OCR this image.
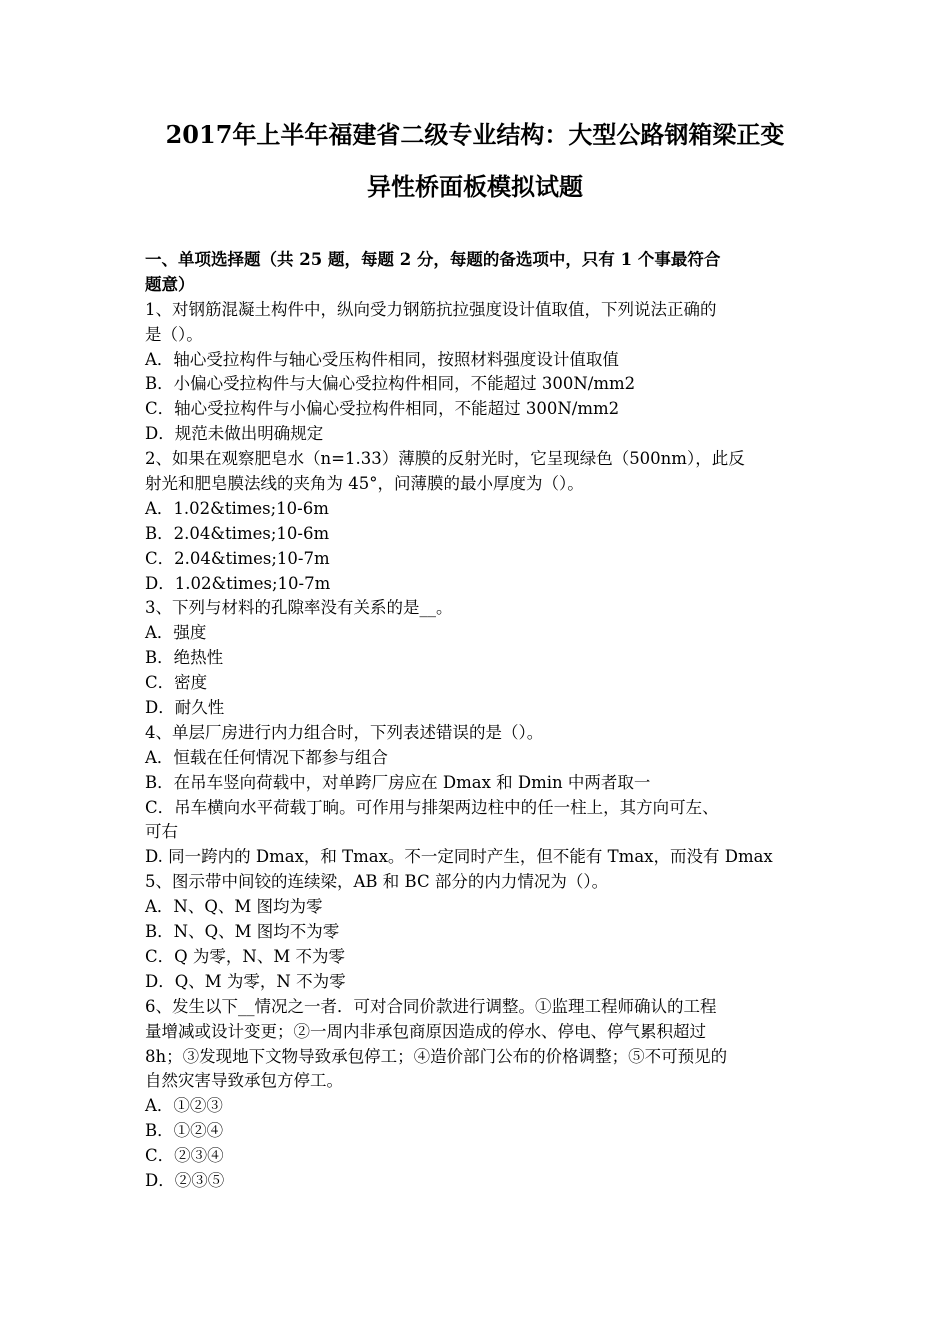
2017年上半年福建省二级专业结构：大型公路钢箱梁正变
异性桥面板模拟试题
一、单项选择题（共 25 题，每题 2 分，每题的备选项中，只有 1 个事最符合
题意）
1、对钢筋混凝土构件中，纵向受力钢筋抗拉强度设计值取值，下列说法正确的
是（）。
A．轴心受拉构件与轴心受压构件相同，按照材料强度设计值取值
B．小偏心受拉构件与大偏心受拉构件相同，不能超过 300N/mm2
C．轴心受拉构件与小偏心受拉构件相同，不能超过 300N/mm2
D．规范未做出明确规定
2、如果在观察肥皂水（n=1.33）薄膜的反射光时，它呈现绿色（500nm），此反
射光和肥皂膜法线的夹角为 45°，问薄膜的最小厚度为（）。
A．1.02&times;10-6m
B．2.04&times;10-6m
C．2.04&times;10-7m
D．1.02&times;10-7m
3、下列与材料的孔隙率没有关系的是__。
A．强度
B．绝热性
C．密度
D．耐久性
4、单层厂房进行内力组合时，下列表述错误的是（）。
A．恒载在任何情况下都参与组合
B．在吊车竖向荷载中，对单跨厂房应在 Dmax 和 Dmin 中两者取一
C．吊车横向水平荷载丁晌。可作用与排架两边柱中的任一柱上，其方向可左、
可右
D. 同一跨内的 Dmax，和 Tmax。不一定同时产生，但不能有 Tmax，而没有 Dmax
5、图示带中间铰的连续梁，AB 和 BC 部分的内力情况为（）。
A．N、Q、M 图均为零
B．N、Q、M 图均不为零
C．Q 为零，N、M 不为零
D．Q、M 为零，N 不为零
6、发生以下__情况之一者．可对合同价款进行调整。①监理工程师确认的工程
量增减或设计变更；②一周内非承包商原因造成的停水、停电、停气累积超过
8h；③发现地下文物导致承包停工；④造价部门公布的价格调整；⑤不可预见的
自然灾害导致承包方停工。
A．①②③
B．①②④
C．②③④
D．②③⑤
